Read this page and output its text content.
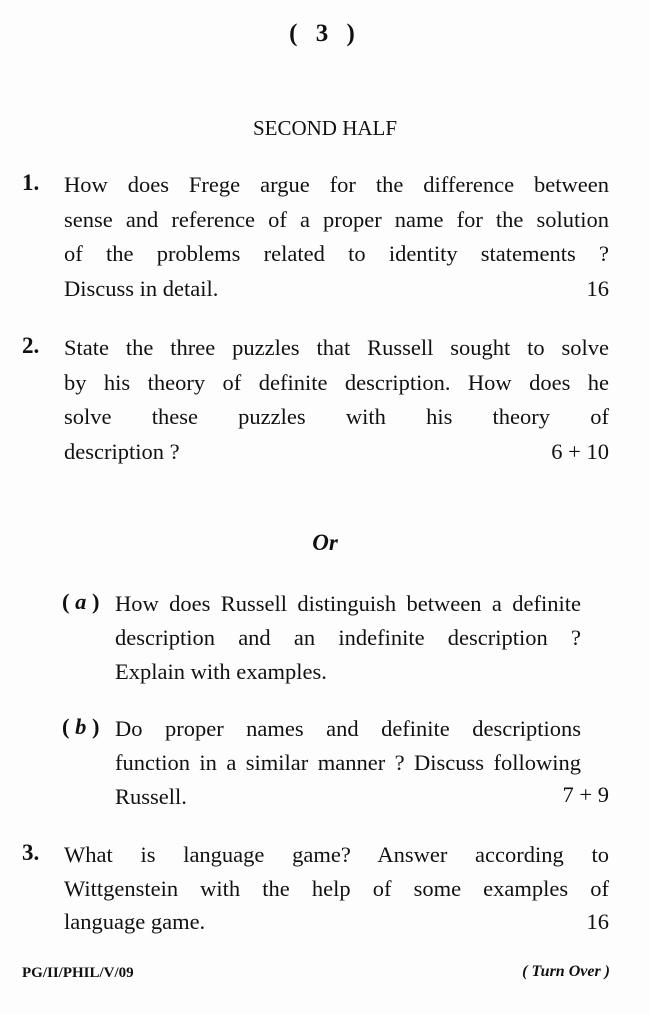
( 3 )
SECOND HALF
1. How does Frege argue for the difference between
sense and reference of a proper name for the solution
of the problems related to identity statements ?
Discuss in detail.	16
2. State the three puzzles that Russell sought to solve
by his theory of definite description. How does he
solve these puzzles with his theory of
description ?	6 + 10
Or
( a ) How does Russell distinguish between a definite
description and an indefinite description ?
Explain with examples.
( b ) Do proper names and definite descriptions
function in a similar manner ? Discuss following
Russell.	7 + 9
3. What is language game? Answer according to
Wittgenstein with the help of some examples of
language game.	16
PG/II/PHIL/V/09	( Turn Over )
